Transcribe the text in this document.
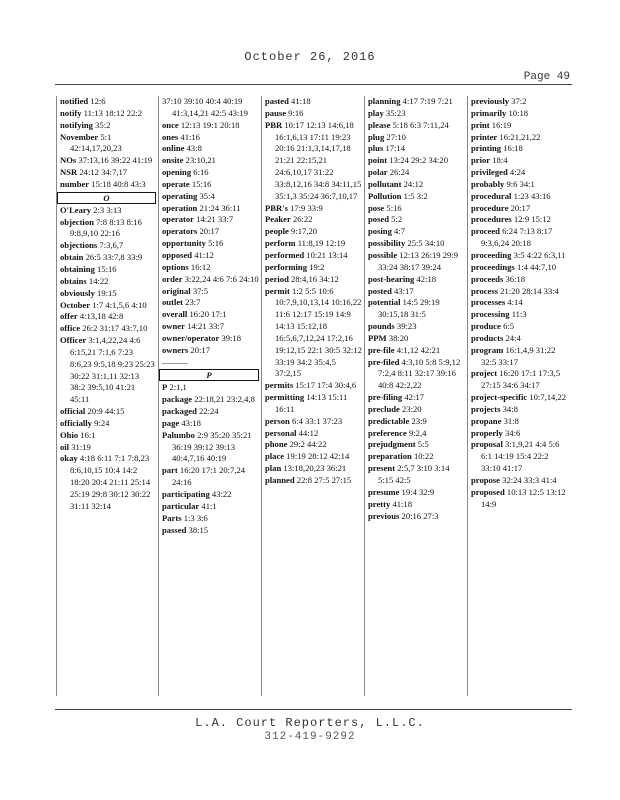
October 26, 2016
Page 49
notified 12:6
notify 11:13 18:12 22:2
notifying 35:2
November 5:1 42:14,17,20,23
NOs 37:13,16 39:22 41:19
NSR 24:12 34:7,17
number 15:18 40:8 43:3
O
O'Leary 2:3 3:13
objection 7:8 8:13 8:16 9:8,9,10 22:16
objections 7:3,6,7
obtain 26:5 33:7,8 33:9
obtaining 15:16
obtains 14:22
obviously 19:15
October 1:7 4:1,5,6 4:10
offer 4:13,18 42:8
office 26:2 31:17 43:7,10
Officer 3:1,4,22,24 4:6 6:15,21 7:1,6 7:23 8:6,23 9:5,18 9:23 25:23 30:22 31:1,11 32:13 38:2 39:5,10 41:21 45:11
official 20:9 44:15
officially 9:24
Ohio 16:1
oil 31:19
okay 4:18 6:11 7:1 7:8,23 8:6,10,15 10:4 14:2 18:20 20:4 21:11 25:14 25:19 29:8 30:12 30:22 31:11 32:14
37:10 39:10 40:4 40:19 41:3,14,21 42:5 43:19
once 12:13 19:1 20:18
ones 41:16
online 43:8
onsite 23:10,21
opening 6:16
operate 15:16
operating 35:4
operation 21:24 36:11
operator 14:21 33:7
operators 20:17
opportunity 5:16
opposed 41:12
options 16:12
order 3:22,24 4:6 7:6 24:10
original 37:5
outlet 23:7
overall 16:20 17:1
owner 14:21 33:7
owner/operator 39:18
owners 20:17
———
P
P 2:1,1
package 22:18,21 23:2,4,8
packaged 22:24
page 43:18
Palumbo 2:9 35:20 35:21 36:19 39:12 39:13 40:4,7,16 40:19
part 16:20 17:1 20:7,24 24:16
participating 43:22
particular 41:1
Parts 1:3 3:6
passed 38:15
pasted 41:18
pause 9:16
PBR 10:17 12:13 14:6,18 16:1,6,13 17:11 19:23 20:16 21:1,3,14,17,18 21:21 22:15,21 24:6,10,17 31:22 33:8,12,16 34:8 34:11,15 35:1,3 35:24 36:7,10,17
PBR's 17:9 33:9
Peaker 26:22
people 9:17,20
perform 11:8,19 12:19
performed 10:21 13:14
performing 19:2
period 28:4,16 34:12
permit 1:2 5:5 10:6 10:7,9,10,13,14 10:16,22 11:6 12:17 15:19 14:9 14:13 15:12,18 16:5,6,7,12,24 17:2,16 19:12,15 22:1 30:5 32:12 33:19 34:2 35:4,5 37:2,15
permits 15:17 17:4 30:4,6
permitting 14:13 15:11 16:11
person 6:4 33:1 37:23
personal 44:12
phone 29:2 44:22
place 19:19 28:12 42:14
plan 13:18,20,23 36:21
planned 22:8 27:5 27:15
planning 4:17 7:19 7:21
play 35:23
please 5:18 6:3 7:11,24
plug 27:10
plus 17:14
point 13:24 29:2 34:20
polar 26:24
pollutant 24:12
Pollution 1:5 3:2
pose 5:16
posed 5:2
posing 4:7
possibility 25:5 34:10
possible 12:13 26:19 29:9 33:24 38:17 39:24
post-hearing 42:18
posted 43:17
potential 14:5 29:19 30:15,18 31:5
pounds 39:23
PPM 38:20
pre-file 4:1,12 42:21
pre-filed 4:3,10 5:8 5:9,12 7:2,4 8:11 32:17 39:16 40:8 42:2,22
pre-filing 42:17
preclude 23:20
predictable 23:9
preference 9:2,4
prejudgment 5:5
preparation 10:22
present 2:5,7 3:10 3:14 5:15 42:5
presume 19:4 32:9
pretty 41:18
previous 20:16 27:3
previously 37:2
primarily 10:18
print 16:19
printer 16:21,21,22
printing 16:18
prior 18:4
privileged 4:24
probably 9:6 34:1
procedural 1:23 43:16
procedure 20:17
procedures 12:9 15:12
proceed 6:24 7:13 8:17 9:3,6,24 20:18
proceeding 3:5 4:22 6:3,11
proceedings 1:4 44:7,10
proceeds 36:18
process 21:20 28:14 33:4
processes 4:14
processing 11:3
produce 6:5
products 24:4
program 16:1,4,9 31:22 32:5 33:17
project 16:20 17:1 17:3,5 27:15 34:6 34:17
project-specific 10:7,14,22
projects 34:8
propane 31:8
properly 34:6
proposal 3:1,9,21 4:4 5:6 6:1 14:19 15:4 22:2 33:10 41:17
propose 32:24 33:3 41:4
proposed 10:13 12:5 13:12 14:9
L.A. Court Reporters, L.L.C.
312-419-9292
